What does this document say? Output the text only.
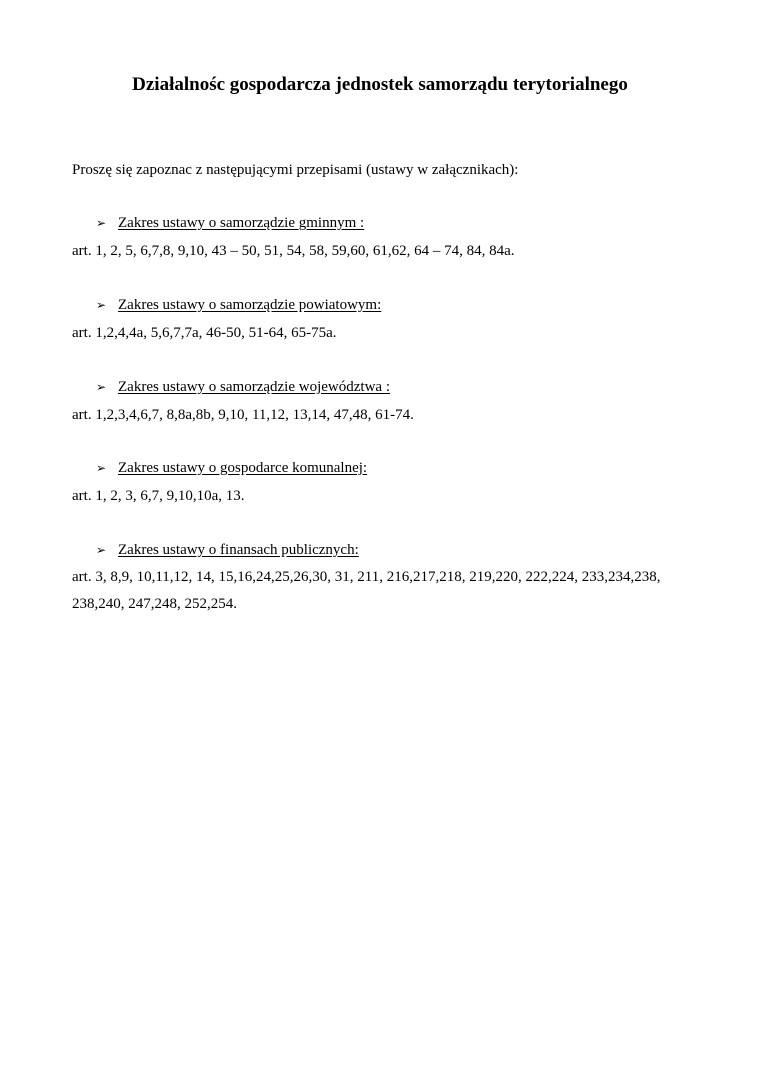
Działalnośc gospodarcza jednostek samorządu terytorialnego
Proszę się zapoznac z następującymi przepisami (ustawy w załącznikach):
➢ Zakres ustawy o samorządzie gminnym :
art. 1, 2, 5, 6,7,8, 9,10, 43 – 50, 51, 54, 58, 59,60, 61,62, 64 – 74, 84, 84a.
➢ Zakres ustawy o samorządzie powiatowym:
art. 1,2,4,4a, 5,6,7,7a, 46-50, 51-64, 65-75a.
➢ Zakres ustawy o samorządzie województwa :
art. 1,2,3,4,6,7, 8,8a,8b, 9,10, 11,12, 13,14, 47,48, 61-74.
➢ Zakres ustawy o gospodarce komunalnej:
art. 1, 2, 3, 6,7, 9,10,10a, 13.
➢ Zakres ustawy o finansach publicznych:
art. 3, 8,9, 10,11,12, 14, 15,16,24,25,26,30, 31, 211, 216,217,218, 219,220, 222,224, 233,234,238, 238,240, 247,248, 252,254.
